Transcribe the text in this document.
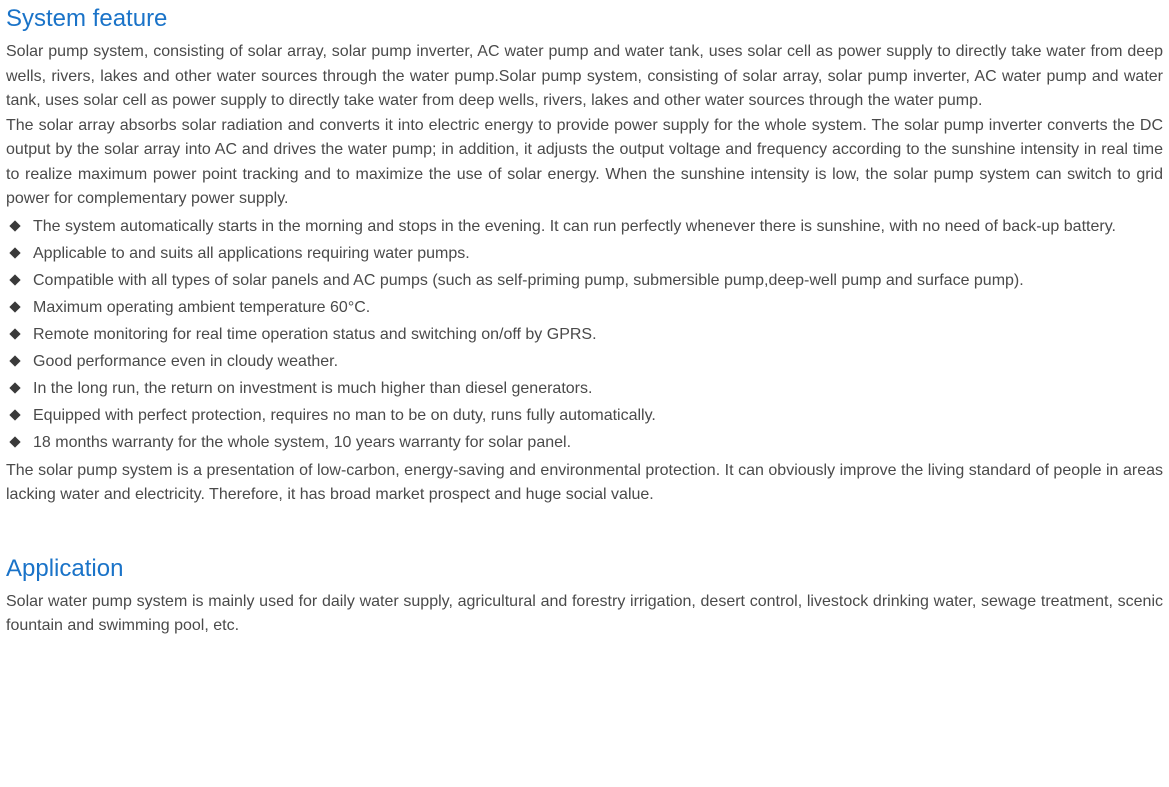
System feature

Solar pump system, consisting of solar array, solar pump inverter, AC water pump and water tank, uses solar cell as power supply to directly take water from deep wells, rivers, lakes and other water sources through the water pump.Solar pump system, consisting of solar array, solar pump inverter, AC water pump and water tank, uses solar cell as power supply to directly take water from deep wells, rivers, lakes and other water sources through the water pump.

The solar array absorbs solar radiation and converts it into electric energy to provide power supply for the whole system. The solar pump inverter converts the DC output by the solar array into AC and drives the water pump; in addition, it adjusts the output voltage and frequency according to the sunshine intensity in real time to realize maximum power point tracking and to maximize the use of solar energy. When the sunshine intensity is low, the solar pump system can switch to grid power for complementary power supply.

The system automatically starts in the morning and stops in the evening. It can run perfectly whenever there is sunshine, with no need of back-up battery.
Applicable to and suits all applications requiring water pumps.
Compatible with all types of solar panels and AC pumps (such as self-priming pump, submersible pump,deep-well pump and surface pump).
Maximum operating ambient temperature 60°C.
Remote monitoring for real time operation status and switching on/off by GPRS.
Good performance even in cloudy weather.
In the long run, the return on investment is much higher than diesel generators.
Equipped with perfect protection, requires no man to be on duty, runs fully automatically.
18 months warranty for the whole system, 10 years warranty for solar panel.

The solar pump system is a presentation of low-carbon, energy-saving and environmental protection. It can obviously improve the living standard of people in areas lacking water and electricity. Therefore, it has broad market prospect and huge social value.

Application

Solar water pump system is mainly used for daily water supply, agricultural and forestry irrigation, desert control, livestock drinking water, sewage treatment, scenic fountain and swimming pool, etc.
